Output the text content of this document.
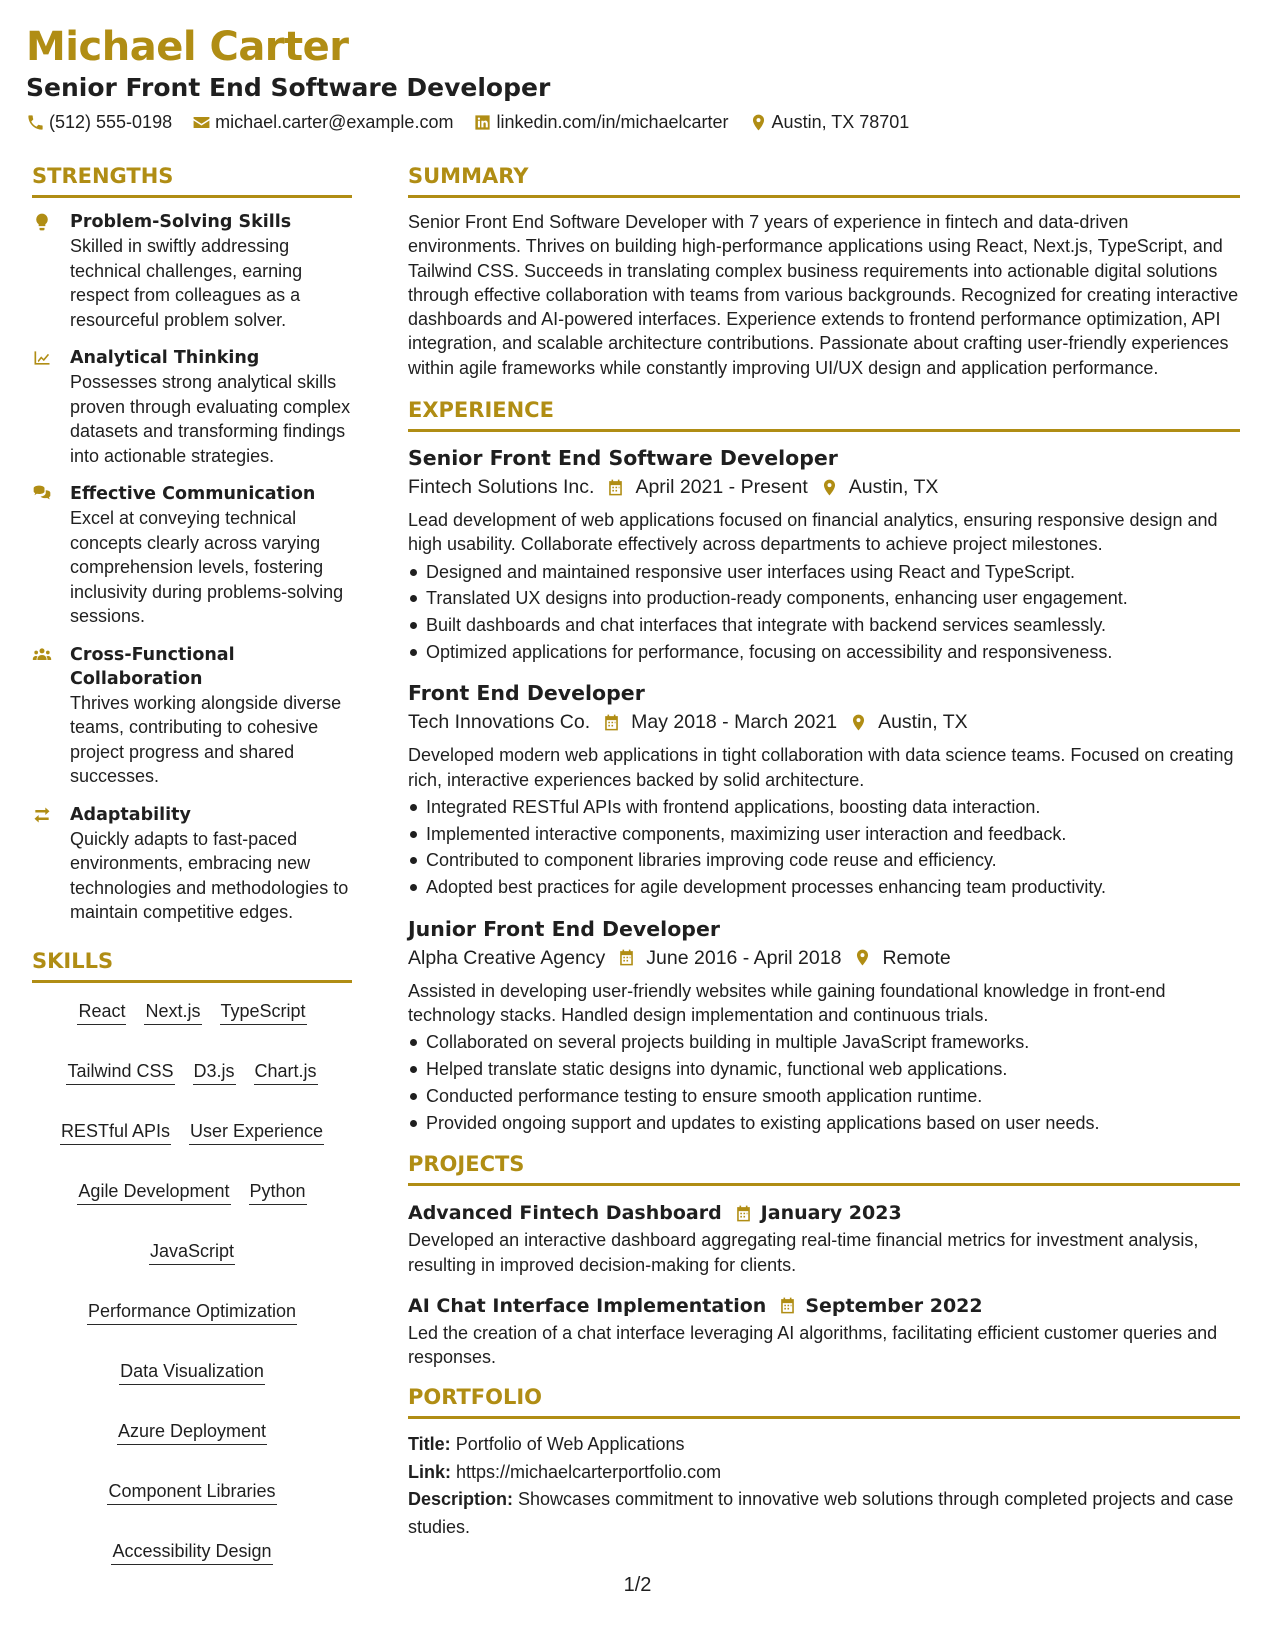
Michael Carter
Senior Front End Software Developer
(512) 555-0198 michael.carter@example.com linkedin.com/in/michaelcarter Austin, TX 78701
STRENGTHS
Problem-Solving Skills
Skilled in swiftly addressing technical challenges, earning respect from colleagues as a resourceful problem solver.
Analytical Thinking
Possesses strong analytical skills proven through evaluating complex datasets and transforming findings into actionable strategies.
Effective Communication
Excel at conveying technical concepts clearly across varying comprehension levels, fostering inclusivity during problems-solving sessions.
Cross-Functional Collaboration
Thrives working alongside diverse teams, contributing to cohesive project progress and shared successes.
Adaptability
Quickly adapts to fast-paced environments, embracing new technologies and methodologies to maintain competitive edges.
SKILLS
React Next.js TypeScript
Tailwind CSS D3.js Chart.js
RESTful APIs User Experience
Agile Development Python
JavaScript
Performance Optimization
Data Visualization
Azure Deployment
Component Libraries
Accessibility Design
SUMMARY

Senior Front End Software Developer with 7 years of experience in fintech and data-driven environments. Thrives on building high-performance applications using React, Next.js, TypeScript, and Tailwind CSS. Succeeds in translating complex business requirements into actionable digital solutions through effective collaboration with teams from various backgrounds. Recognized for creating interactive dashboards and AI-powered interfaces. Experience extends to frontend performance optimization, API integration, and scalable architecture contributions. Passionate about crafting user-friendly experiences within agile frameworks while constantly improving UI/UX design and application performance.

EXPERIENCE
Senior Front End Software Developer
Fintech Solutions Inc. April 2021 - Present Austin, TX

Lead development of web applications focused on financial analytics, ensuring responsive design and high usability. Collaborate effectively across departments to achieve project milestones.

Designed and maintained responsive user interfaces using React and TypeScript.
Translated UX designs into production-ready components, enhancing user engagement.
Built dashboards and chat interfaces that integrate with backend services seamlessly.
Optimized applications for performance, focusing on accessibility and responsiveness.
Front End Developer
Tech Innovations Co. May 2018 - March 2021 Austin, TX

Developed modern web applications in tight collaboration with data science teams. Focused on creating rich, interactive experiences backed by solid architecture.

Integrated RESTful APIs with frontend applications, boosting data interaction.
Implemented interactive components, maximizing user interaction and feedback.
Contributed to component libraries improving code reuse and efficiency.
Adopted best practices for agile development processes enhancing team productivity.
Junior Front End Developer
Alpha Creative Agency June 2016 - April 2018 Remote

Assisted in developing user-friendly websites while gaining foundational knowledge in front-end technology stacks. Handled design implementation and continuous trials.

Collaborated on several projects building in multiple JavaScript frameworks.
Helped translate static designs into dynamic, functional web applications.
Conducted performance testing to ensure smooth application runtime.
Provided ongoing support and updates to existing applications based on user needs.
PROJECTS
Advanced Fintech Dashboard January 2023

Developed an interactive dashboard aggregating real-time financial metrics for investment analysis, resulting in improved decision-making for clients.

AI Chat Interface Implementation September 2022

Led the creation of a chat interface leveraging AI algorithms, facilitating efficient customer queries and responses.

PORTFOLIO

Title: Portfolio of Web Applications

Link: https://michaelcarterportfolio.com

Description: Showcases commitment to innovative web solutions through completed projects and case studies.

1/2
